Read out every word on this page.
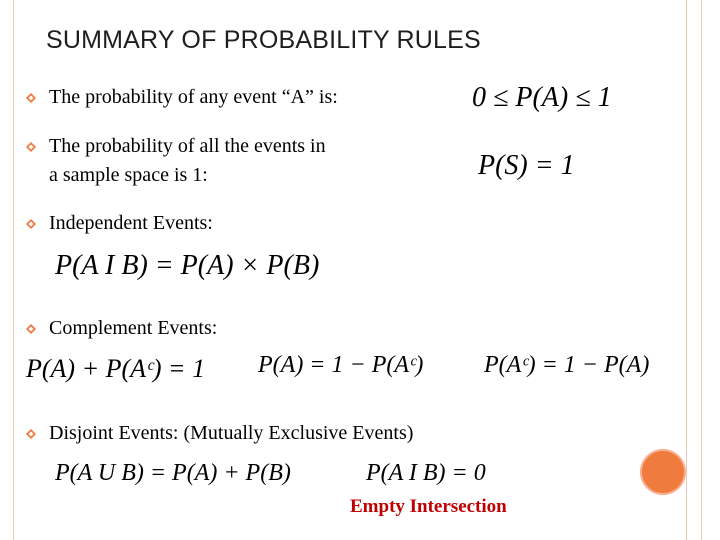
SUMMARY OF PROBABILITY RULES
The probability of any event “A” is:
The probability of all the events in
a sample space is 1:
Independent Events:
Complement Events:
Disjoint Events: (Mutually Exclusive Events)
0 ≤ P(A) ≤ 1
P(S) = 1
P(A I B) = P(A) × P(B)
P(A) + P(Aᶜ) = 1 P(A) = 1 − P(Aᶜ)	P(Aᶜ) = 1 − P(A)
P(A U B) = P(A) + P(B)	P(A I B) = 0
Empty Intersection
